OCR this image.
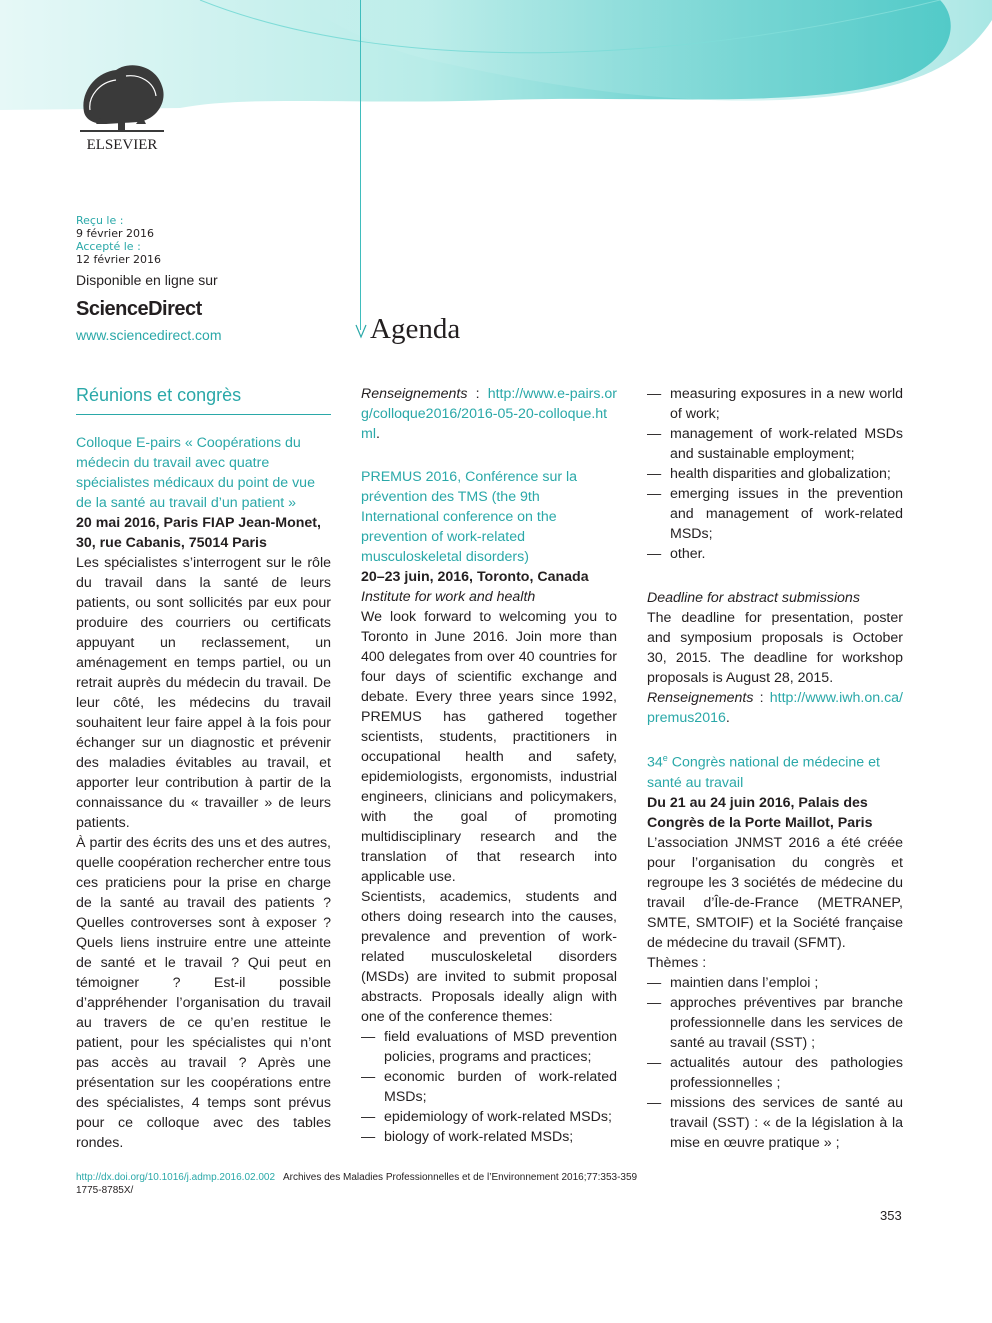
ELSEVIER
Reçu le :
9 février 2016
Accepté le :
12 février 2016
Disponible en ligne sur
ScienceDirect
www.sciencedirect.com	Agenda
Réunions et congrès

Colloque E-pairs « Coopérations du médecin du travail avec quatre spécialistes médicaux du point de vue de la santé au travail d’un patient »

20 mai 2016, Paris FIAP Jean-Monet, 30, rue Cabanis, 75014 Paris

Les spécialistes s’interrogent sur le rôle du travail dans la santé de leurs patients, ou sont sollicités par eux pour produire des courriers ou certificats appuyant un reclassement, un aménagement en temps partiel, ou un retrait auprès du médecin du travail. De leur côté, les médecins du travail souhaitent leur faire appel à la fois pour échanger sur un diagnostic et prévenir des maladies évitables au travail, et apporter leur contribution à partir de la connaissance du « travailler » de leurs patients.

À partir des écrits des uns et des autres, quelle coopération rechercher entre tous ces praticiens pour la prise en charge de la santé au travail des patients ? Quelles controverses sont à exposer ? Quels liens instruire entre une atteinte de santé et le travail ? Qui peut en témoigner ? Est-il possible d’appréhender l’organisation du travail au travers de ce qu’en restitue le patient, pour les spécialistes qui n’ont pas accès au travail ? Après une présentation sur les coopérations entre des spécialistes, 4 temps sont prévus pour ce colloque avec des tables rondes.

Renseignements : http://www.e-pairs.org/colloque2016/2016-05-20-colloque.html.

PREMUS 2016, Conférence sur la prévention des TMS (the 9th International conference on the prevention of work-related musculoskeletal disorders)

20–23 juin, 2016, Toronto, Canada

Institute for work and health

We look forward to welcoming you to Toronto in June 2016. Join more than 400 delegates from over 40 countries for four days of scientific exchange and debate. Every three years since 1992, PREMUS has gathered together scientists, students, practitioners in occupational health and safety, epidemiologists, ergonomists, industrial engineers, clinicians and policymakers, with the goal of promoting multidisciplinary research and the translation of that research into applicable use.

Scientists, academics, students and others doing research into the causes, prevalence and prevention of work-related musculoskeletal disorders (MSDs) are invited to submit proposal abstracts. Proposals ideally align with one of the conference themes:

— field evaluations of MSD prevention policies, programs and practices;
— economic burden of work-related MSDs;
— epidemiology of work-related MSDs;
— biology of work-related MSDs;
— measuring exposures in a new world of work;
— management of work-related MSDs and sustainable employment;
— health disparities and globalization;
— emerging issues in the prevention and management of work-related MSDs;
— other.

Deadline for abstract submissions

The deadline for presentation, poster and symposium proposals is October 30, 2015. The deadline for workshop proposals is August 28, 2015.

Renseignements : http://www.iwh.on.ca/premus2016.

34e Congrès national de médecine et santé au travail

Du 21 au 24 juin 2016, Palais des Congrès de la Porte Maillot, Paris

L’association JNMST 2016 a été créée pour l’organisation du congrès et regroupe les 3 sociétés de médecine du travail d’Île-de-France (METRANEP, SMTE, SMTOIF) et la Société française de médecine du travail (SFMT).

Thèmes :

— maintien dans l’emploi ;
— approches préventives par branche professionnelle dans les services de santé au travail (SST) ;
— actualités autour des pathologies professionnelles ;
— missions des services de santé au travail (SST) : « de la législation à la mise en œuvre pratique » ;
http://dx.doi.org/10.1016/j.admp.2016.02.002 Archives des Maladies Professionnelles et de l’Environnement 2016;77:353-359
1775-8785X/
353
